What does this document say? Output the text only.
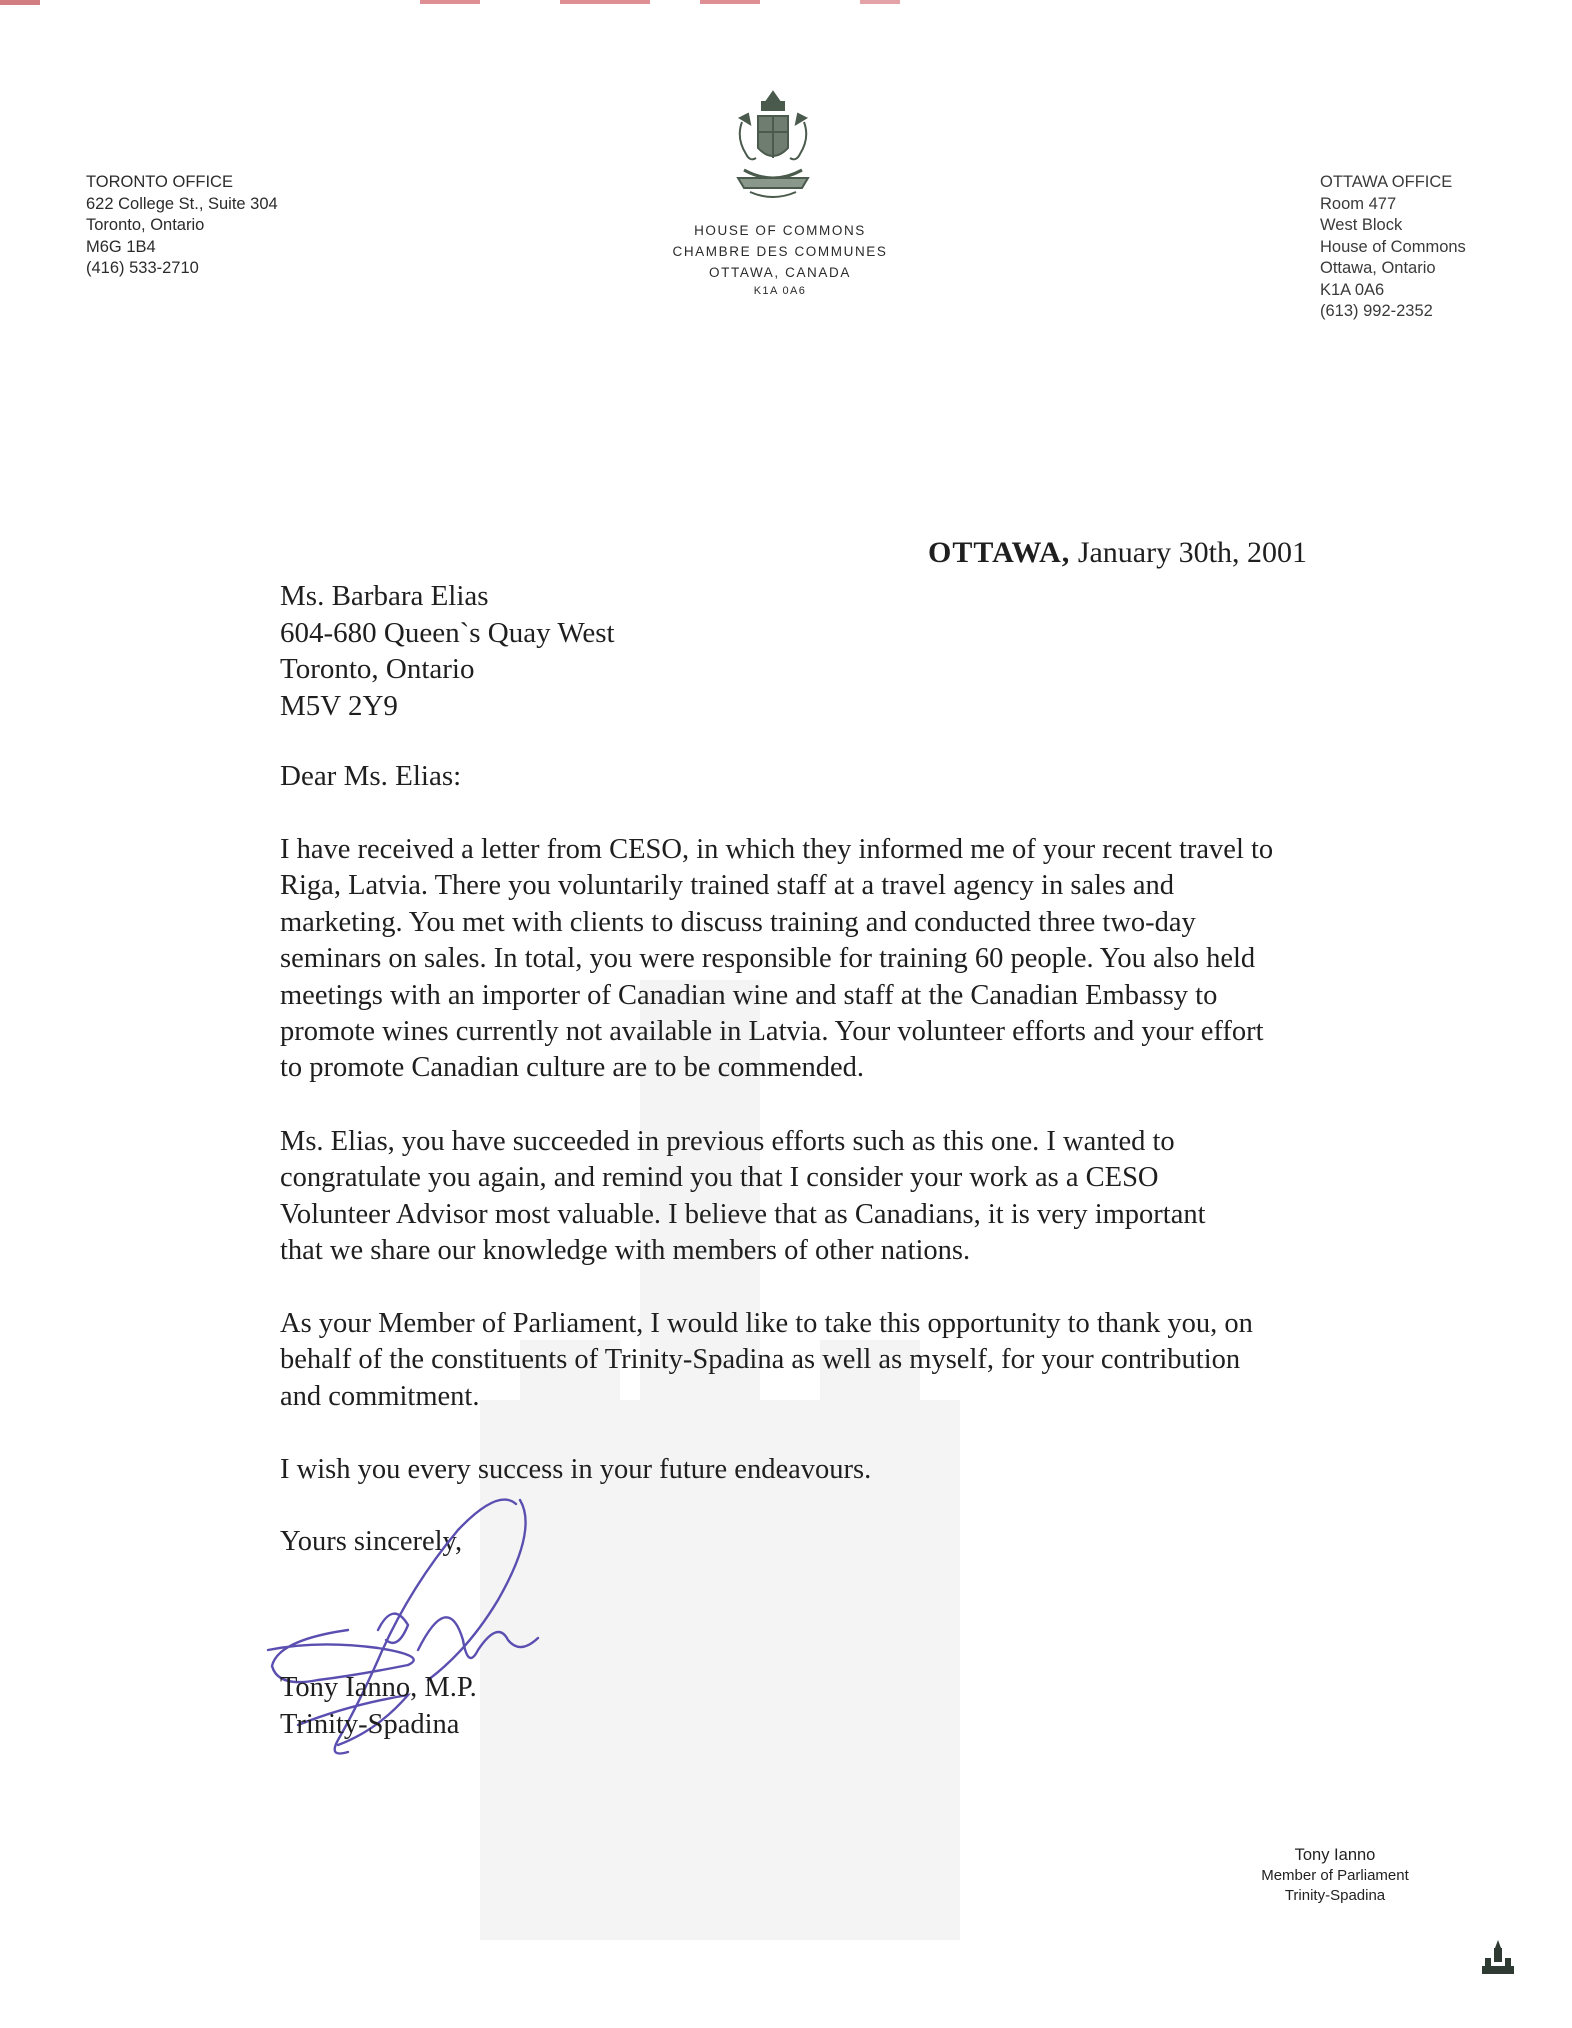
TORONTO OFFICE
622 College St., Suite 304
Toronto, Ontario
M6G 1B4
(416) 533-2710
HOUSE OF COMMONS
CHAMBRE DES COMMUNES
OTTAWA, CANADA
K1A 0A6
OTTAWA OFFICE
Room 477
West Block
House of Commons
Ottawa, Ontario
K1A 0A6
(613) 992-2352
OTTAWA, January 30th, 2001
Ms. Barbara Elias
604-680 Queen`s Quay West
Toronto, Ontario
M5V 2Y9
Dear Ms. Elias:
I have received a letter from CESO, in which they informed me of your recent travel to
Riga, Latvia. There you voluntarily trained staff at a travel agency in sales and
marketing. You met with clients to discuss training and conducted three two-day
seminars on sales. In total, you were responsible for training 60 people. You also held
meetings with an importer of Canadian wine and staff at the Canadian Embassy to
promote wines currently not available in Latvia. Your volunteer efforts and your effort
to promote Canadian culture are to be commended.
Ms. Elias, you have succeeded in previous efforts such as this one. I wanted to
congratulate you again, and remind you that I consider your work as a CESO
Volunteer Advisor most valuable. I believe that as Canadians, it is very important
that we share our knowledge with members of other nations.
As your Member of Parliament, I would like to take this opportunity to thank you, on
behalf of the constituents of Trinity-Spadina as well as myself, for your contribution
and commitment.
I wish you every success in your future endeavours.
Yours sincerely,
Tony Ianno, M.P.
Trinity-Spadina
Tony Ianno
Member of Parliament
Trinity-Spadina
